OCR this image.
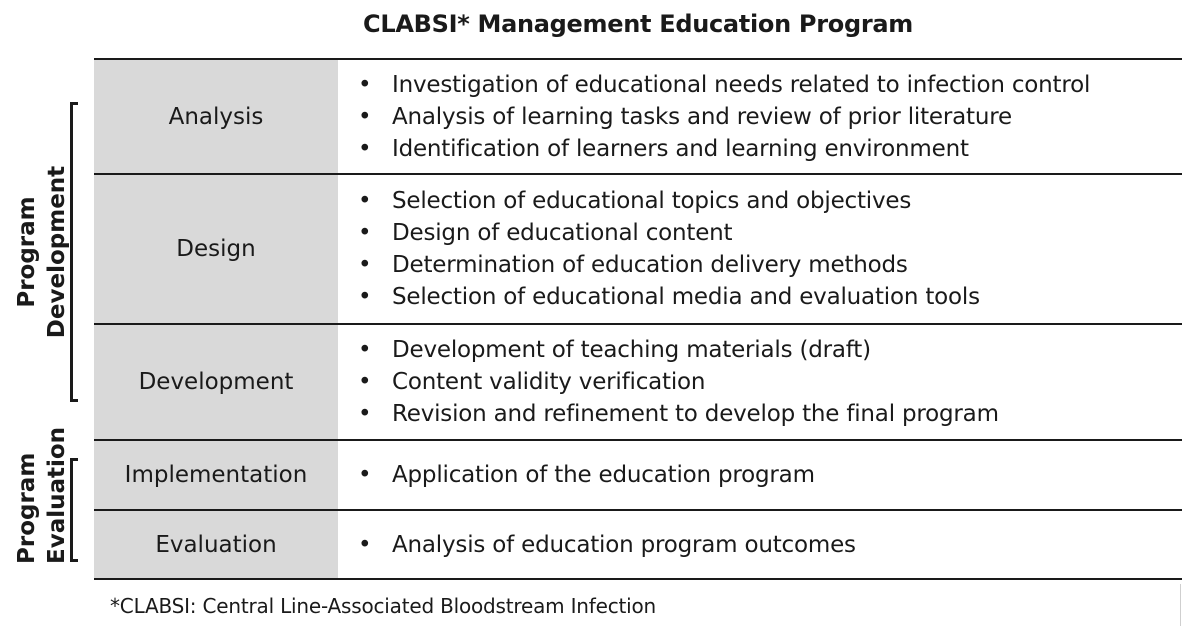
CLABSI* Management Education Program
Program Development
Program Evaluation
Analysis
• Investigation of educational needs related to infection control
• Analysis of learning tasks and review of prior literature
• Identification of learners and learning environment
Design
• Selection of educational topics and objectives
• Design of educational content
• Determination of education delivery methods
• Selection of educational media and evaluation tools
Development
• Development of teaching materials (draft)
• Content validity verification
• Revision and refinement to develop the final program
Implementation	• Application of the education program
Evaluation	• Analysis of education program outcomes
*CLABSI: Central Line-Associated Bloodstream Infection
